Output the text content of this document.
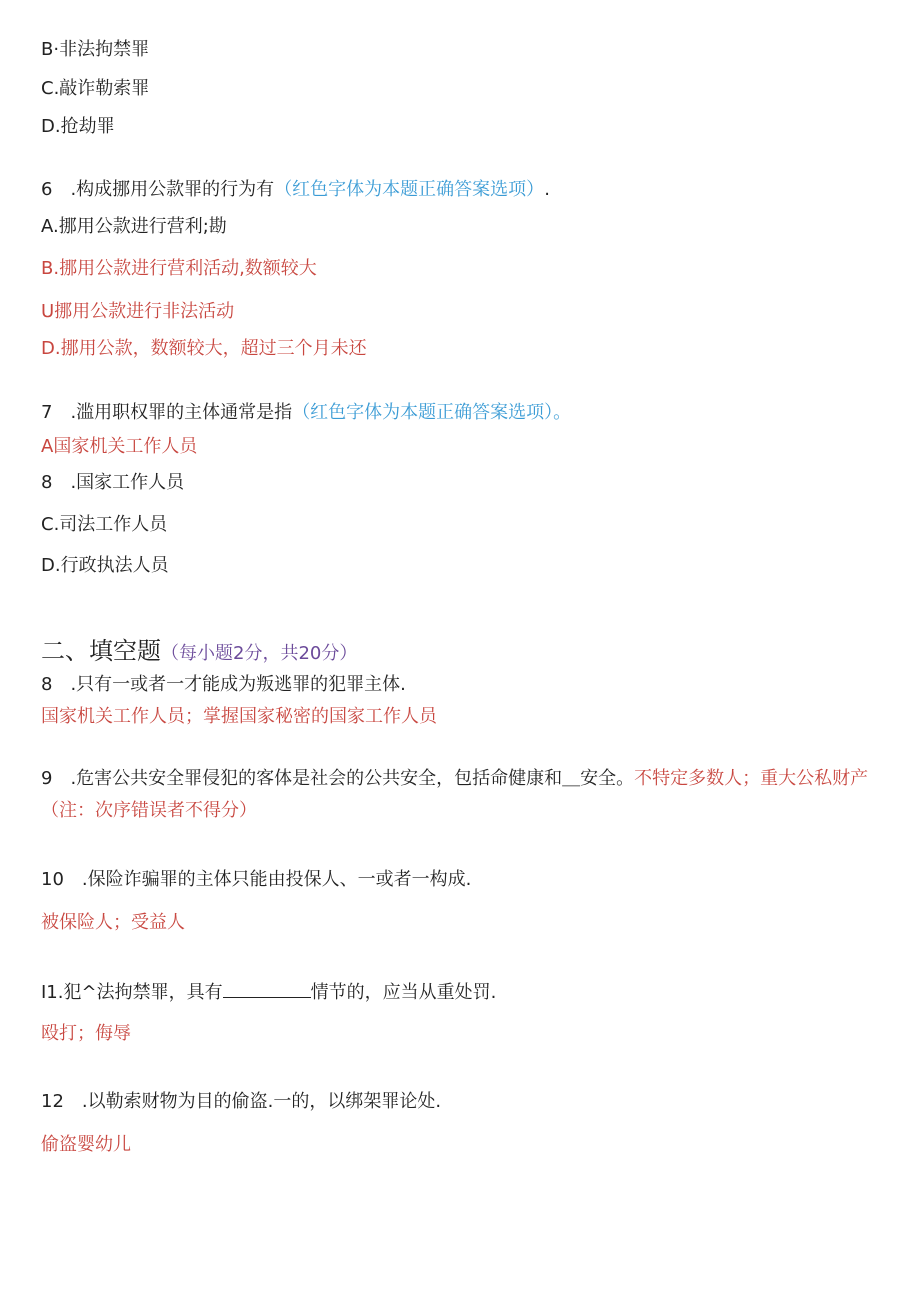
B·非法拘禁罪
C.敲诈勒索罪
D.抢劫罪
6　.构成挪用公款罪的行为有（红色字体为本题正确答案选项）.
A.挪用公款进行营利;勘
B.挪用公款进行营利活动,数额较大
U挪用公款进行非法活动
D.挪用公款，数额较大，超过三个月未还
7　.滥用职权罪的主体通常是指（红色字体为本题正确答案选项）。
A国家机关工作人员
8　.国家工作人员
C.司法工作人员
D.行政执法人员
二、填空题（每小题2分，共20分）
8　.只有一或者一才能成为叛逃罪的犯罪主体.
国家机关工作人员；掌握国家秘密的国家工作人员
9　.危害公共安全罪侵犯的客体是社会的公共安全，包括命健康和＿安全。不特定多数人；重大公私财产（注：次序错误者不得分）
10　.保险诈骗罪的主体只能由投保人、一或者一构成.
被保险人；受益人
I1.犯^法拘禁罪，具有	情节的，应当从重处罚.
殴打；侮辱
12　.以勒索财物为目的偷盗.一的，以绑架罪论处.
偷盗婴幼儿
